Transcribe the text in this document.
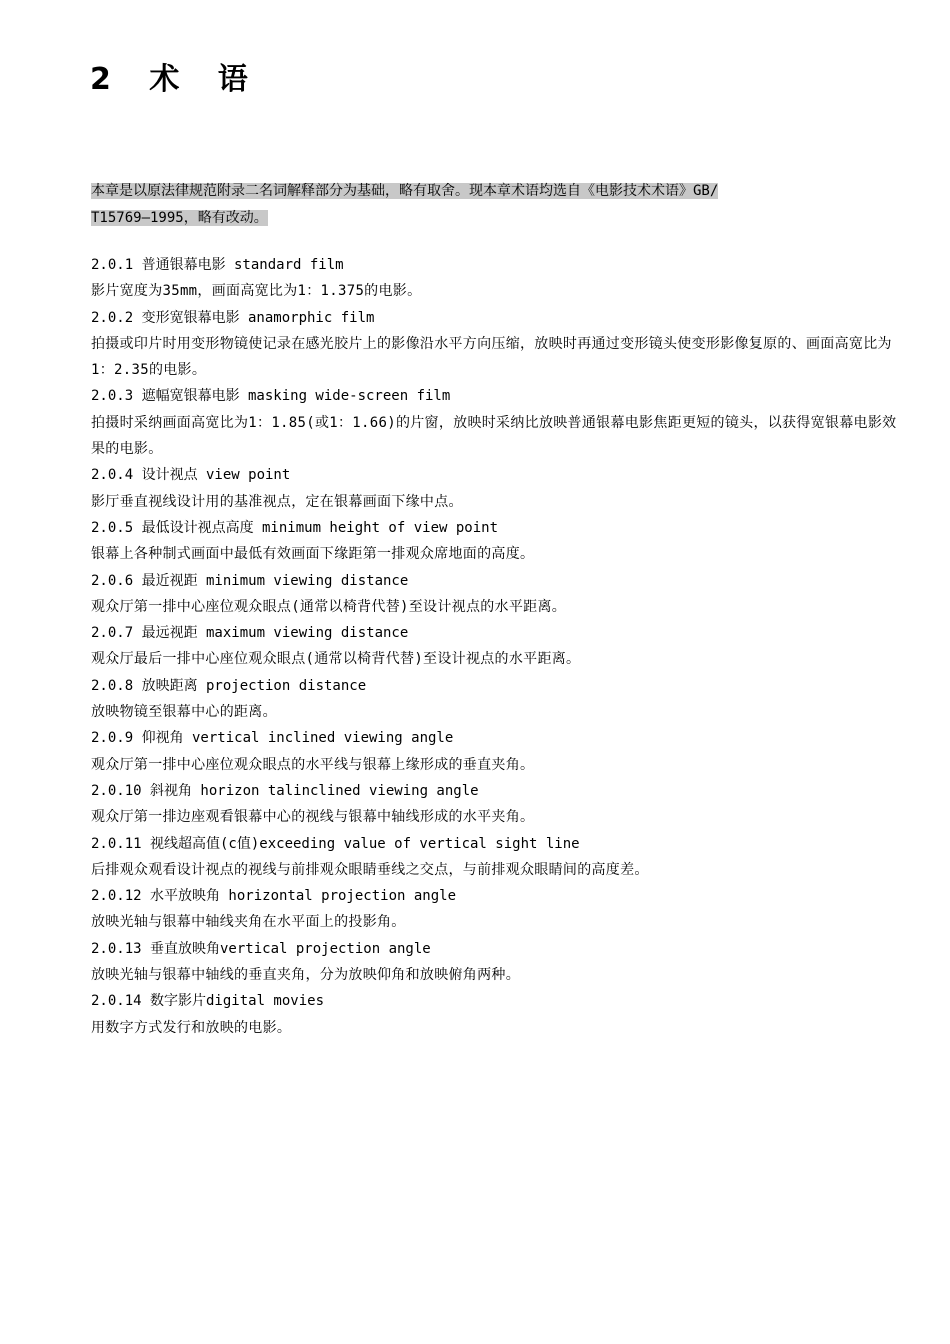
2 术 语
本章是以原法律规范附录二名词解释部分为基础，略有取舍。现本章术语均选自《电影技术术语》GB/
T15769—1995，略有改动。
2.0.1 普通银幕电影 standard film
影片宽度为35mm，画面高宽比为1：1.375的电影。
2.0.2 变形宽银幕电影 anamorphic film
拍摄或印片时用变形物镜使记录在感光胶片上的影像沿水平方向压缩，放映时再通过变形镜头使变形影像复原的、画面高宽比为1：2.35的电影。
2.0.3 遮幅宽银幕电影 masking wide-screen film
拍摄时采纳画面高宽比为1：1.85(或1：1.66)的片窗，放映时采纳比放映普通银幕电影焦距更短的镜头，以获得宽银幕电影效果的电影。
2.0.4 设计视点 view point
影厅垂直视线设计用的基准视点，定在银幕画面下缘中点。
2.0.5 最低设计视点高度 minimum height of view point
银幕上各种制式画面中最低有效画面下缘距第一排观众席地面的高度。
2.0.6 最近视距 minimum viewing distance
观众厅第一排中心座位观众眼点(通常以椅背代替)至设计视点的水平距离。
2.0.7 最远视距 maximum viewing distance
观众厅最后一排中心座位观众眼点(通常以椅背代替)至设计视点的水平距离。
2.0.8 放映距离 projection distance
放映物镜至银幕中心的距离。
2.0.9 仰视角 vertical inclined viewing angle
观众厅第一排中心座位观众眼点的水平线与银幕上缘形成的垂直夹角。
2.0.10 斜视角 horizon talinclined viewing angle
观众厅第一排边座观看银幕中心的视线与银幕中轴线形成的水平夹角。
2.0.11 视线超高值(c值)exceeding value of vertical sight line
后排观众观看设计视点的视线与前排观众眼睛垂线之交点，与前排观众眼睛间的高度差。
2.0.12 水平放映角 horizontal projection angle
放映光轴与银幕中轴线夹角在水平面上的投影角。
2.0.13 垂直放映角vertical projection angle
放映光轴与银幕中轴线的垂直夹角，分为放映仰角和放映俯角两种。
2.0.14 数字影片digital movies
用数字方式发行和放映的电影。
